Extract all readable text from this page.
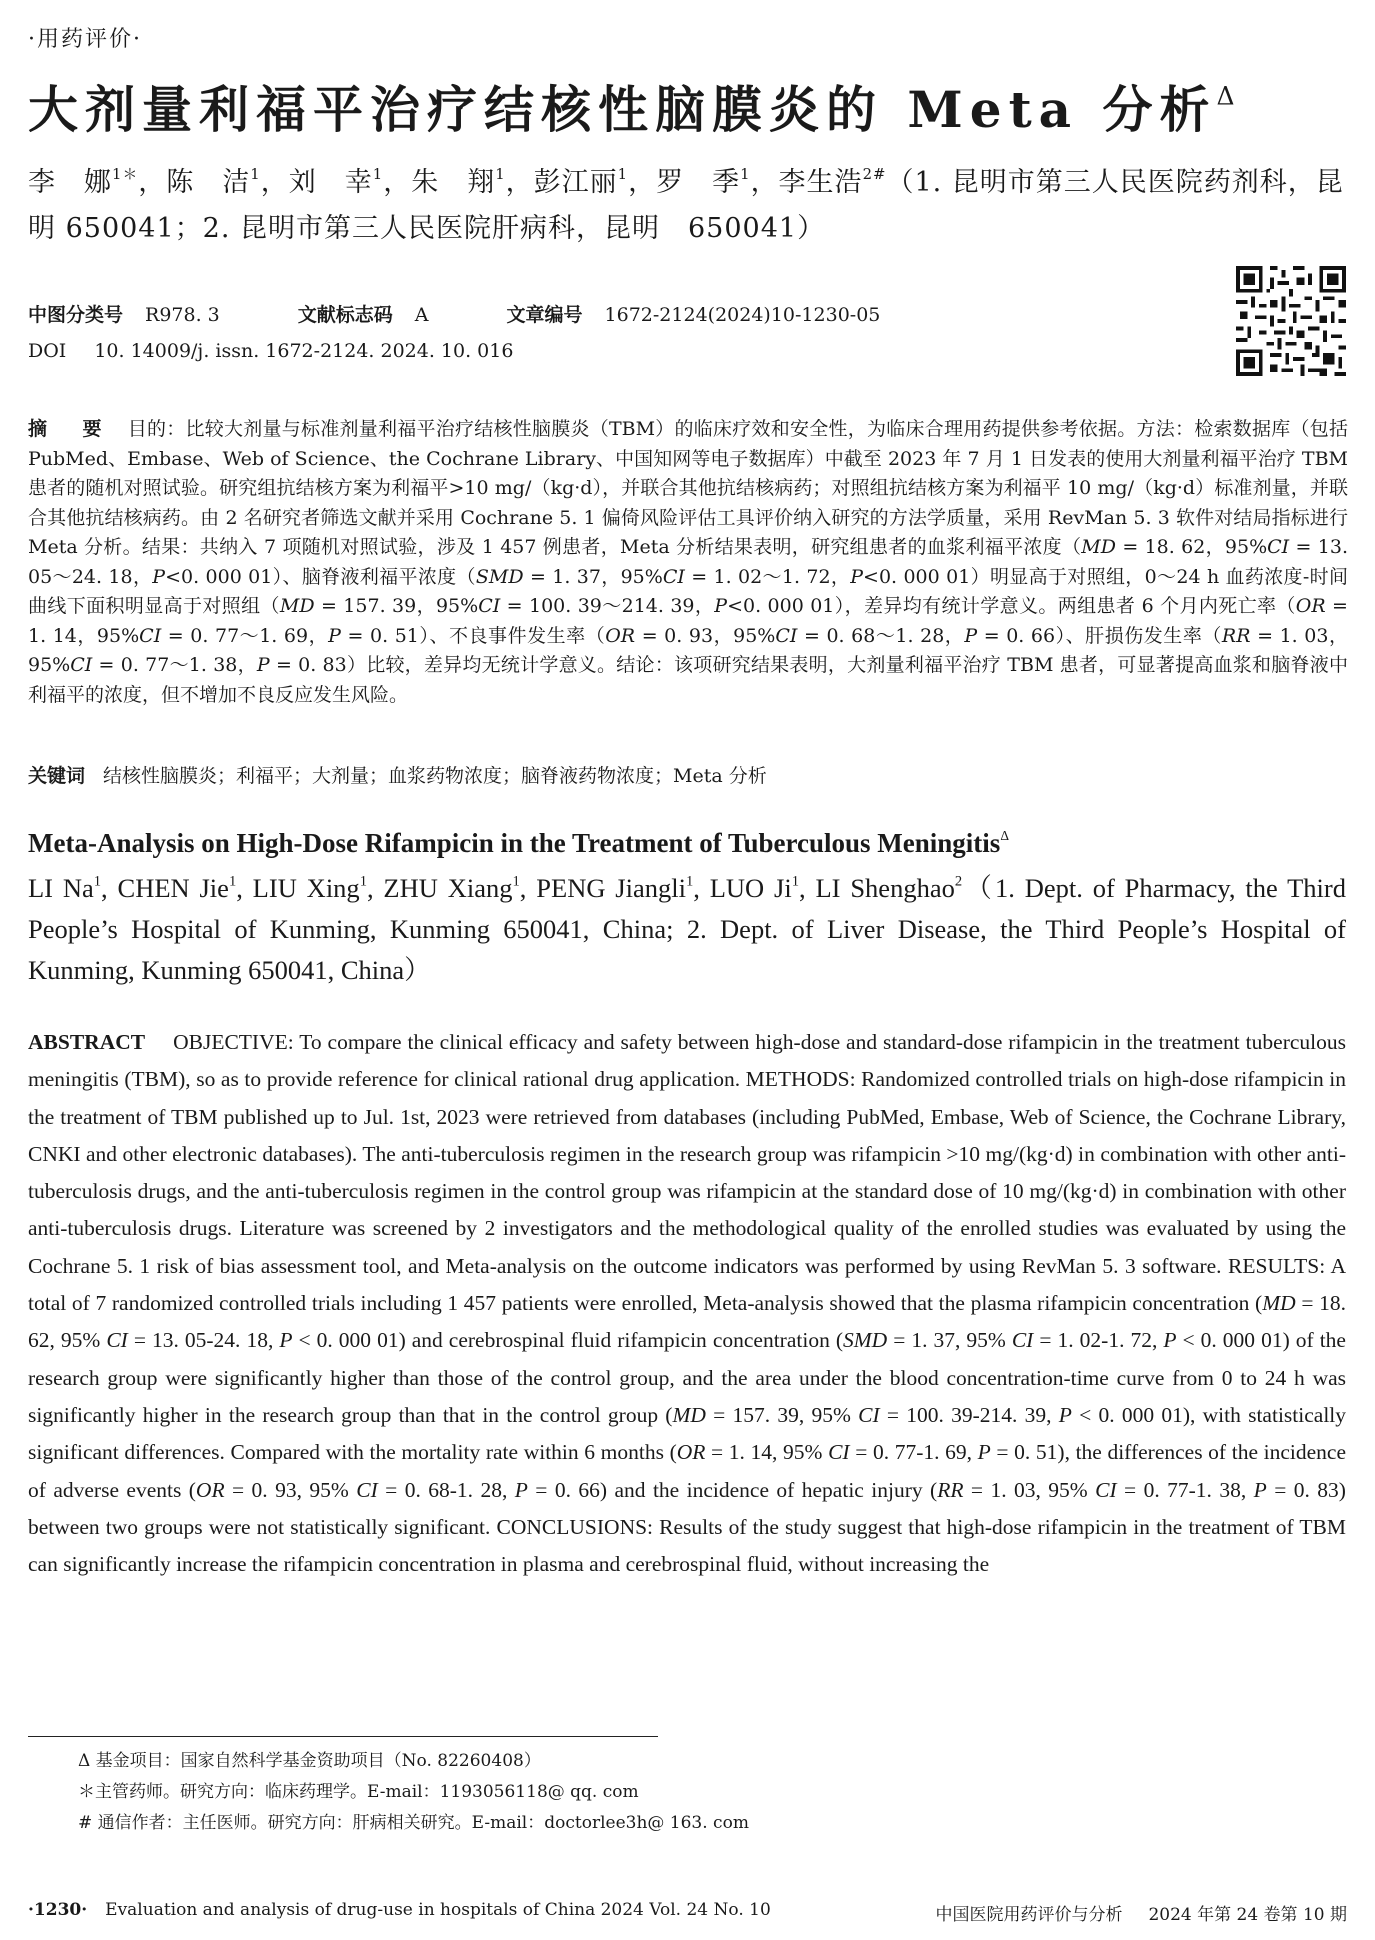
·用药评价·
大剂量利福平治疗结核性脑膜炎的 Meta 分析$^\Delta$
李　娜$^{1*}$，陈　洁$^1$，刘　幸$^1$，朱　翔$^1$，彭江丽$^1$，罗　季$^1$，李生浩$^{2\#}$（1. 昆明市第三人民医院药剂科，昆明 650041；2. 昆明市第三人民医院肝病科，昆明　650041）
中图分类号 R978. 3	文献标志码 A	文章编号 1672-2124(2024)10-1230-05
DOI 10. 14009/j. issn. 1672-2124. 2024. 10. 016
摘　要 目的：比较大剂量与标准剂量利福平治疗结核性脑膜炎（TBM）的临床疗效和安全性，为临床合理用药提供参考依据。方法：检索数据库（包括 PubMed、Embase、Web of Science、the Cochrane Library、中国知网等电子数据库）中截至 2023 年 7 月 1 日发表的使用大剂量利福平治疗 TBM 患者的随机对照试验。研究组抗结核方案为利福平>10 mg/（kg·d），并联合其他抗结核病药；对照组抗结核方案为利福平 10 mg/（kg·d）标准剂量，并联合其他抗结核病药。由 2 名研究者筛选文献并采用 Cochrane 5. 1 偏倚风险评估工具评价纳入研究的方法学质量，采用 RevMan 5. 3 软件对结局指标进行 Meta 分析。结果：共纳入 7 项随机对照试验，涉及 1 457 例患者，Meta 分析结果表明，研究组患者的血浆利福平浓度（MD = 18. 62，95%CI = 13. 05～24. 18，P<0. 000 01）、脑脊液利福平浓度（SMD = 1. 37，95%CI = 1. 02～1. 72，P<0. 000 01）明显高于对照组，0～24 h 血药浓度-时间曲线下面积明显高于对照组（MD = 157. 39，95%CI = 100. 39～214. 39，P<0. 000 01），差异均有统计学意义。两组患者 6 个月内死亡率（OR = 1. 14，95%CI = 0. 77～1. 69，P = 0. 51）、不良事件发生率（OR = 0. 93，95%CI = 0. 68～1. 28，P = 0. 66）、肝损伤发生率（RR = 1. 03，95%CI = 0. 77～1. 38，P = 0. 83）比较，差异均无统计学意义。结论：该项研究结果表明，大剂量利福平治疗 TBM 患者，可显著提高血浆和脑脊液中利福平的浓度，但不增加不良反应发生风险。
关键词 结核性脑膜炎；利福平；大剂量；血浆药物浓度；脑脊液药物浓度；Meta 分析
Meta-Analysis on High-Dose Rifampicin in the Treatment of Tuberculous Meningitis$^\Delta$
LI Na$^1$, CHEN Jie$^1$, LIU Xing$^1$, ZHU Xiang$^1$, PENG Jiangli$^1$, LUO Ji$^1$, LI Shenghao$^2$（1. Dept. of Pharmacy, the Third People’s Hospital of Kunming, Kunming 650041, China; 2. Dept. of Liver Disease, the Third People’s Hospital of Kunming, Kunming 650041, China）
ABSTRACT OBJECTIVE: To compare the clinical efficacy and safety between high-dose and standard-dose rifampicin in the treatment tuberculous meningitis (TBM), so as to provide reference for clinical rational drug application. METHODS: Randomized controlled trials on high-dose rifampicin in the treatment of TBM published up to Jul. 1st, 2023 were retrieved from databases (including PubMed, Embase, Web of Science, the Cochrane Library, CNKI and other electronic databases). The anti-tuberculosis regimen in the research group was rifampicin >10 mg/(kg·d) in combination with other anti-tuberculosis drugs, and the anti-tuberculosis regimen in the control group was rifampicin at the standard dose of 10 mg/(kg·d) in combination with other anti-tuberculosis drugs. Literature was screened by 2 investigators and the methodological quality of the enrolled studies was evaluated by using the Cochrane 5. 1 risk of bias assessment tool, and Meta-analysis on the outcome indicators was performed by using RevMan 5. 3 software. RESULTS: A total of 7 randomized controlled trials including 1 457 patients were enrolled, Meta-analysis showed that the plasma rifampicin concentration (MD = 18. 62, 95% CI = 13. 05-24. 18, P < 0. 000 01) and cerebrospinal fluid rifampicin concentration (SMD = 1. 37, 95% CI = 1. 02-1. 72, P < 0. 000 01) of the research group were significantly higher than those of the control group, and the area under the blood concentration-time curve from 0 to 24 h was significantly higher in the research group than that in the control group (MD = 157. 39, 95% CI = 100. 39-214. 39, P < 0. 000 01), with statistically significant differences. Compared with the mortality rate within 6 months (OR = 1. 14, 95% CI = 0. 77-1. 69, P = 0. 51), the differences of the incidence of adverse events (OR = 0. 93, 95% CI = 0. 68-1. 28, P = 0. 66) and the incidence of hepatic injury (RR = 1. 03, 95% CI = 0. 77-1. 38, P = 0. 83) between two groups were not statistically significant. CONCLUSIONS: Results of the study suggest that high-dose rifampicin in the treatment of TBM can significantly increase the rifampicin concentration in plasma and cerebrospinal fluid, without increasing the
Δ 基金项目：国家自然科学基金资助项目（No. 82260408）
＊主管药师。研究方向：临床药理学。E-mail：1193056118@ qq. com
# 通信作者：主任医师。研究方向：肝病相关研究。E-mail：doctorlee3h@ 163. com
·1230· Evaluation and analysis of drug-use in hospitals of China 2024 Vol. 24 No. 10	中国医院用药评价与分析 2024 年第 24 卷第 10 期
